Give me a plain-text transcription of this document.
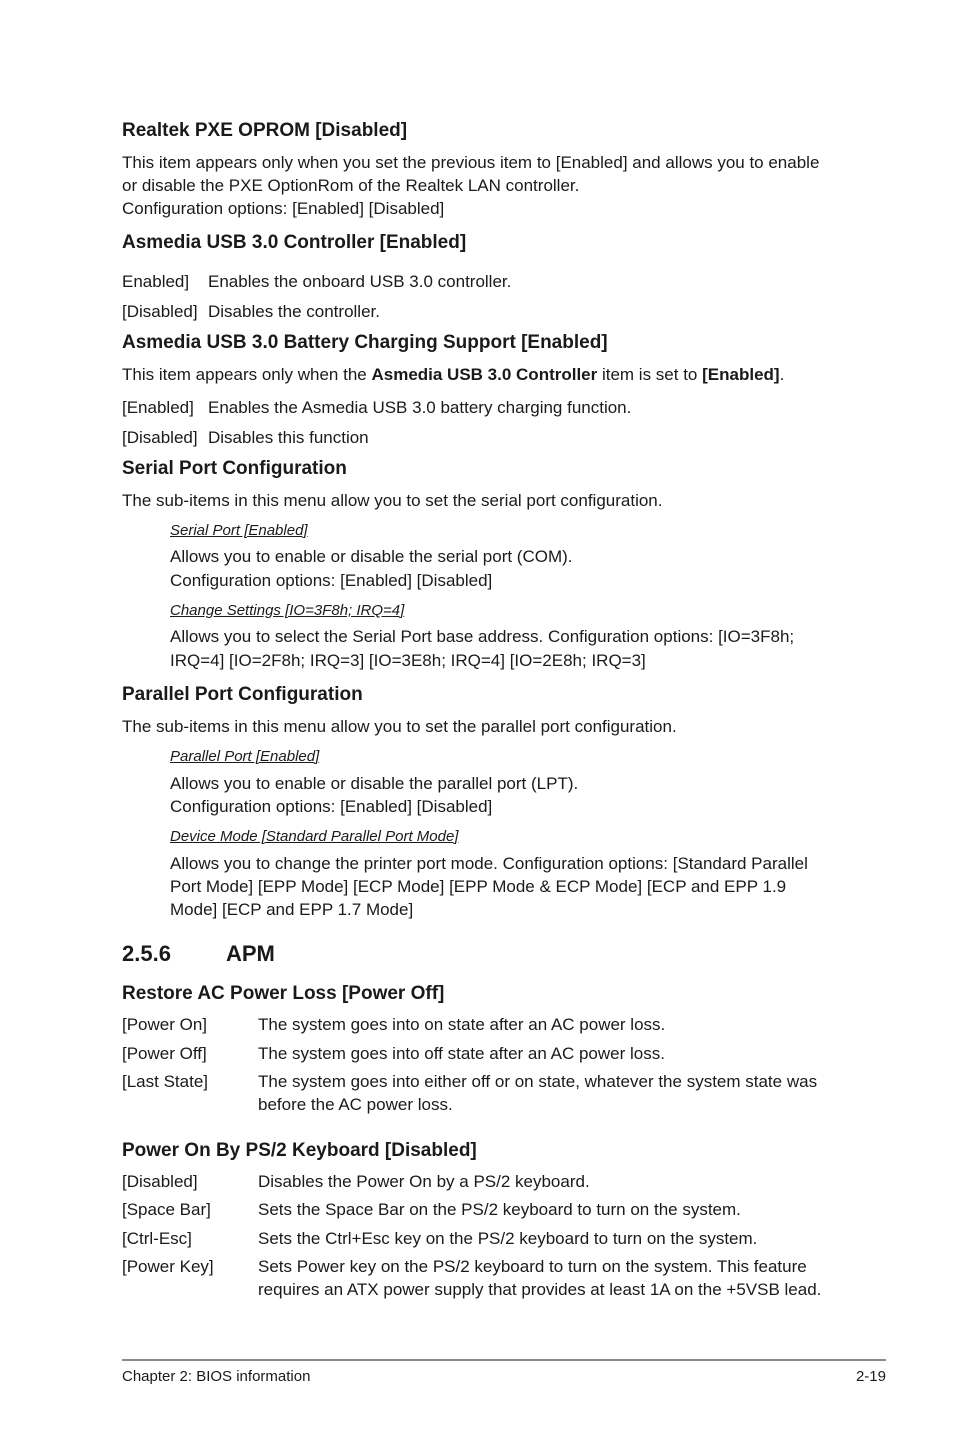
Realtek PXE OPROM [Disabled]
This item appears only when you set the previous item to [Enabled] and allows you to enable
or disable the PXE OptionRom of the Realtek LAN controller.
Configuration options: [Enabled] [Disabled]
Asmedia USB 3.0 Controller [Enabled]
Enabled] Enables the onboard USB 3.0 controller.
[Disabled] Disables the controller.
Asmedia USB 3.0 Battery Charging Support [Enabled]
This item appears only when the Asmedia USB 3.0 Controller item is set to [Enabled].
[Enabled] Enables the Asmedia USB 3.0 battery charging function.
[Disabled] Disables this function
Serial Port Configuration
The sub-items in this menu allow you to set the serial port configuration.
Serial Port [Enabled]
Allows you to enable or disable the serial port (COM).
Configuration options: [Enabled] [Disabled]
Change Settings [IO=3F8h; IRQ=4]
Allows you to select the Serial Port base address. Configuration options: [IO=3F8h;
IRQ=4] [IO=2F8h; IRQ=3] [IO=3E8h; IRQ=4] [IO=2E8h; IRQ=3]
Parallel Port Configuration
The sub-items in this menu allow you to set the parallel port configuration.
Parallel Port [Enabled]
Allows you to enable or disable the parallel port (LPT).
Configuration options: [Enabled] [Disabled]
Device Mode [Standard Parallel Port Mode]
Allows you to change the printer port mode. Configuration options: [Standard Parallel
Port Mode] [EPP Mode] [ECP Mode] [EPP Mode & ECP Mode] [ECP and EPP 1.9
Mode] [ECP and EPP 1.7 Mode]
2.5.6	APM
Restore AC Power Loss [Power Off]
[Power On]	The system goes into on state after an AC power loss.
[Power Off]	The system goes into off state after an AC power loss.
[Last State]	The system goes into either off or on state, whatever the system state was
before the AC power loss.
Power On By PS/2 Keyboard [Disabled]
[Disabled]	Disables the Power On by a PS/2 keyboard.
[Space Bar]	Sets the Space Bar on the PS/2 keyboard to turn on the system.
[Ctrl-Esc]	Sets the Ctrl+Esc key on the PS/2 keyboard to turn on the system.
[Power Key]	Sets Power key on the PS/2 keyboard to turn on the system. This feature
requires an ATX power supply that provides at least 1A on the +5VSB lead.
Chapter 2: BIOS information	2-19
